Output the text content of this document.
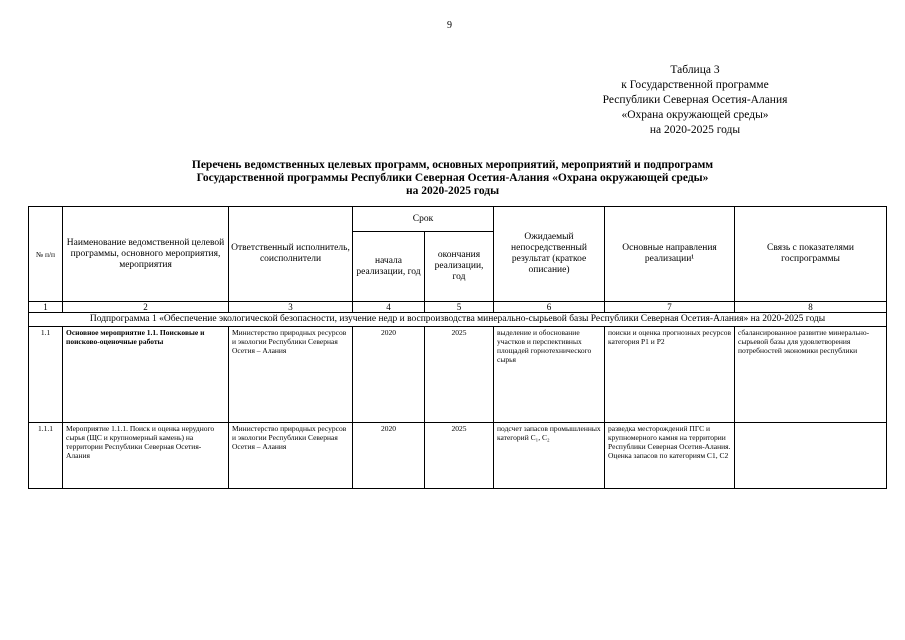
9
Таблица 3
к Государственной программе
Республики Северная Осетия-Алания
«Охрана окружающей среды»
на 2020-2025 годы
Перечень ведомственных целевых программ, основных мероприятий, мероприятий и подпрограмм
Государственной программы Республики Северная Осетия-Алания «Охрана окружающей среды»
на 2020-2025 годы
№ п/п	Наименование ведомственной целевой программы, основного мероприятия, мероприятия	Ответственный исполнитель, соисполнители	Срок		Ожидаемый непосредственный результат (краткое описание)	Основные направления реализации¹	Связь с показателями госпрограммы
			начала реализации, год	окончания реализации, год			
1	2	3	4	5	6	7	8
Подпрограмма 1 «Обеспечение экологической безопасности, изучение недр и воспроизводства минерально-сырьевой базы Республики Северная Осетия-Алания» на 2020-2025 годы							
1.1	Основное мероприятие 1.1. Поисковые и поисково-оценочные работы	Министерство природных ресурсов и экологии Республики Северная Осетия – Алания	2020	2025	выделение и обоснование участков и перспективных площадей горнотехнического сырья	поиски и оценка прогнозных ресурсов категория Р1 и Р2	сбалансированное развитие минерально-сырьевой базы для удовлетворения потребностей экономики республики
1.1.1	Мероприятие 1.1.1. Поиск и оценка нерудного сырья (ЩС и крупномерный камень) на территории Республики Северная Осетия-Алания	Министерство природных ресурсов и экологии Республики Северная Осетия – Алания	2020	2025	подсчет запасов промышленных категорий С₁, С₂	разведка месторождений ПГС и крупномерного камня на территории Республики Северная Осетия-Алания. Оценка запасов по категориям С1, С2	
